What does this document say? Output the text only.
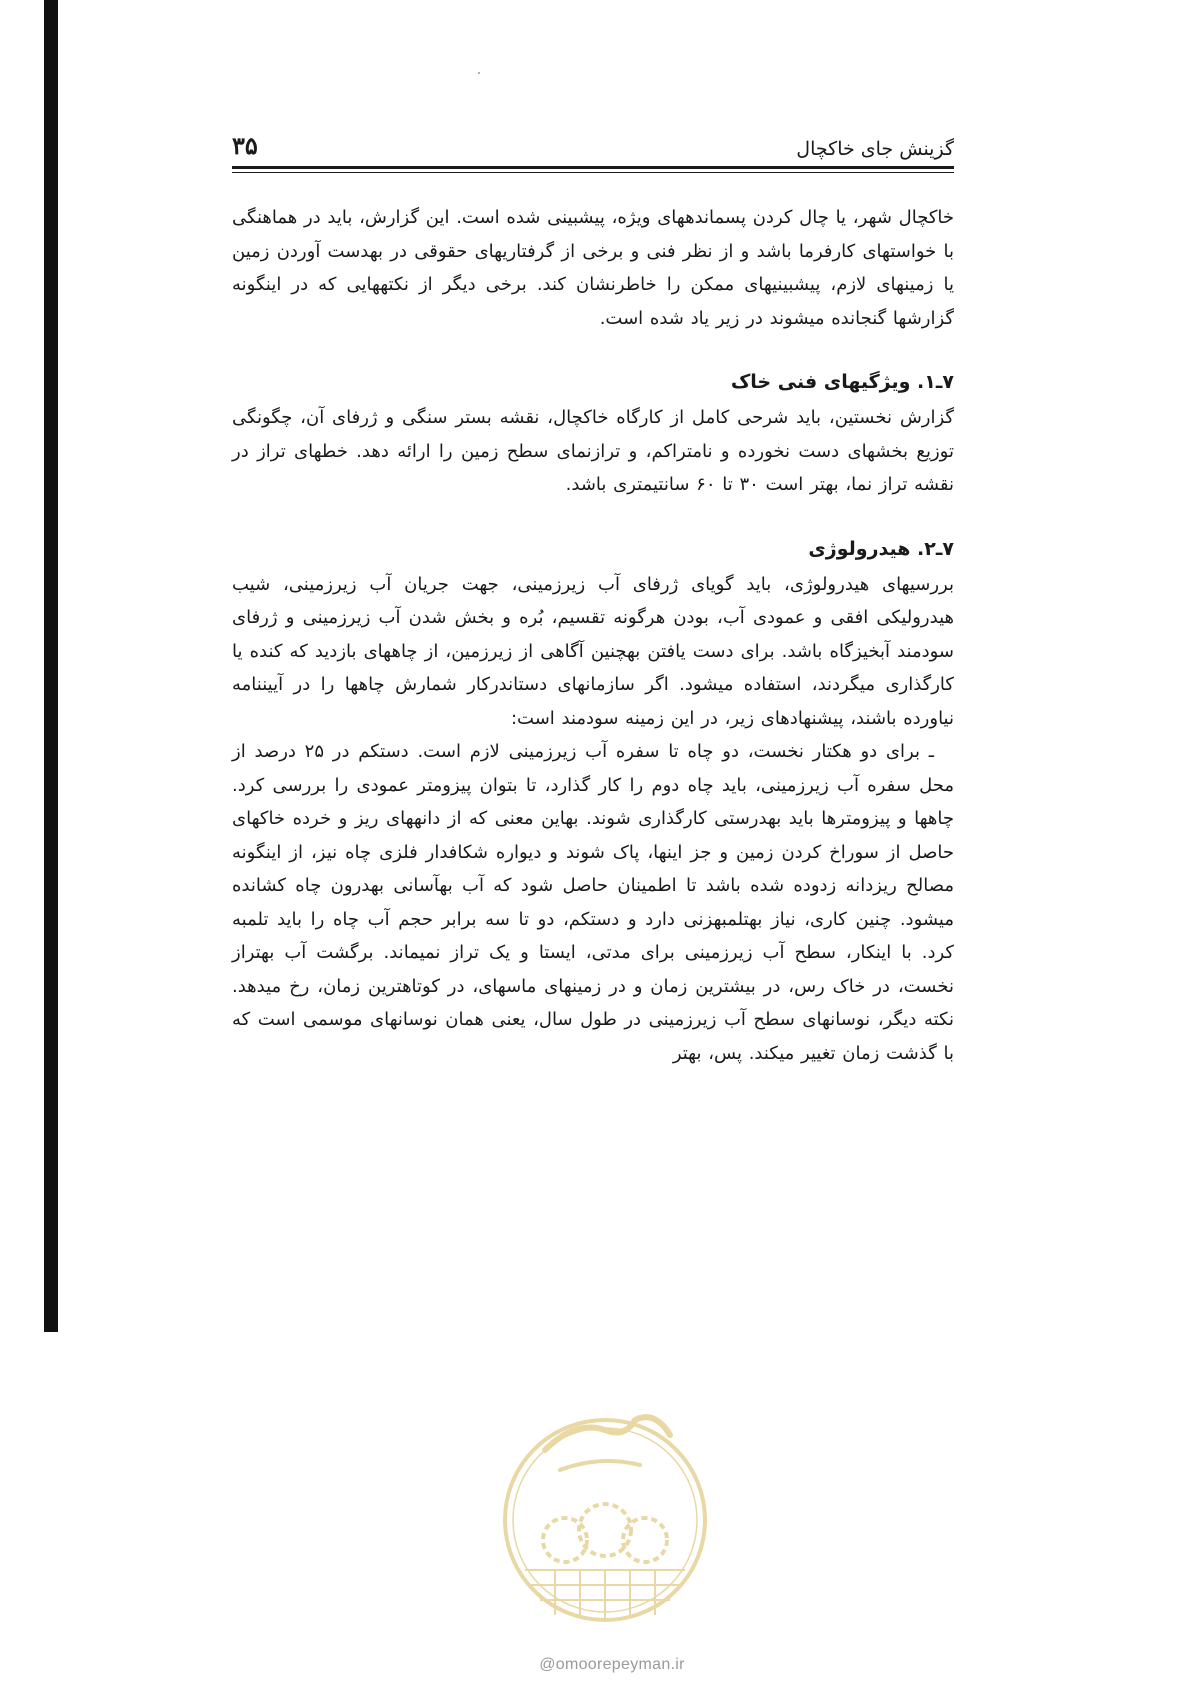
گزینش جای خاکچال
۳۵

خاکچال شهر، یا چال کردن پسماندههای ویژه، پیشبینی شده است. این گزارش، باید در هماهنگی با خواستهای کارفرما باشد و از نظر فنی و برخی از گرفتاریهای حقوقی در بهدست آوردن زمین یا زمینهای لازم، پیشبینیهای ممکن را خاطرنشان کند. برخی دیگر از نکتههایی که در اینگونه گزارشها گنجانده میشوند در زیر یاد شده است.

۷ـ۱. ویژگیهای فنی خاک

گزارش نخستین، باید شرحی کامل از کارگاه خاکچال، نقشه بستر سنگی و ژرفای آن، چگونگی توزیع بخشهای دست نخورده و نامتراکم، و ترازنمای سطح زمین را ارائه دهد. خطهای تراز در نقشه تراز نما، بهتر است ۳۰ تا ۶۰ سانتیمتری باشد.

۷ـ۲. هیدرولوژی

بررسیهای هیدرولوژی، باید گویای ژرفای آب زیرزمینی، جهت جریان آب زیرزمینی، شیب هیدرولیکی افقی و عمودی آب، بودن هرگونه تقسیم، بُره و بخش شدن آب زیرزمینی و ژرفای سودمند آبخیزگاه باشد. برای دست یافتن بهچنین آگاهی از زیرزمین، از چاههای بازدید که کنده یا کارگذاری میگردند، استفاده میشود. اگر سازمانهای دستاندرکار شمارش چاهها را در آییننامه نیاورده باشند، پیشنهادهای زیر، در این زمینه سودمند است:

ـ برای دو هکتار نخست، دو چاه تا سفره آب زیرزمینی لازم است. دستکم در ۲۵ درصد از محل سفره آب زیرزمینی، باید چاه دوم را کار گذارد، تا بتوان پیزومتر عمودی را بررسی کرد. چاهها و پیزومترها باید بهدرستی کارگذاری شوند. بهاین معنی که از دانههای ریز و خرده خاکهای حاصل از سوراخ کردن زمین و جز اینها، پاک شوند و دیواره شکافدار فلزی چاه نیز، از اینگونه مصالح ریزدانه زدوده شده باشد تا اطمینان حاصل شود که آب بهآسانی بهدرون چاه کشانده میشود. چنین کاری، نیاز بهتلمبهزنی دارد و دستکم، دو تا سه برابر حجم آب چاه را باید تلمبه کرد. با اینکار، سطح آب زیرزمینی برای مدتی، ایستا و یک تراز نمیماند. برگشت آب بهتراز نخست، در خاک رس، در بیشترین زمان و در زمینهای ماسهای، در کوتاهترین زمان، رخ میدهد. نکته دیگر، نوسانهای سطح آب زیرزمینی در طول سال، یعنی همان نوسانهای موسمی است که با گذشت زمان تغییر میکند. پس، بهتر

@omoorepeyman.ir
